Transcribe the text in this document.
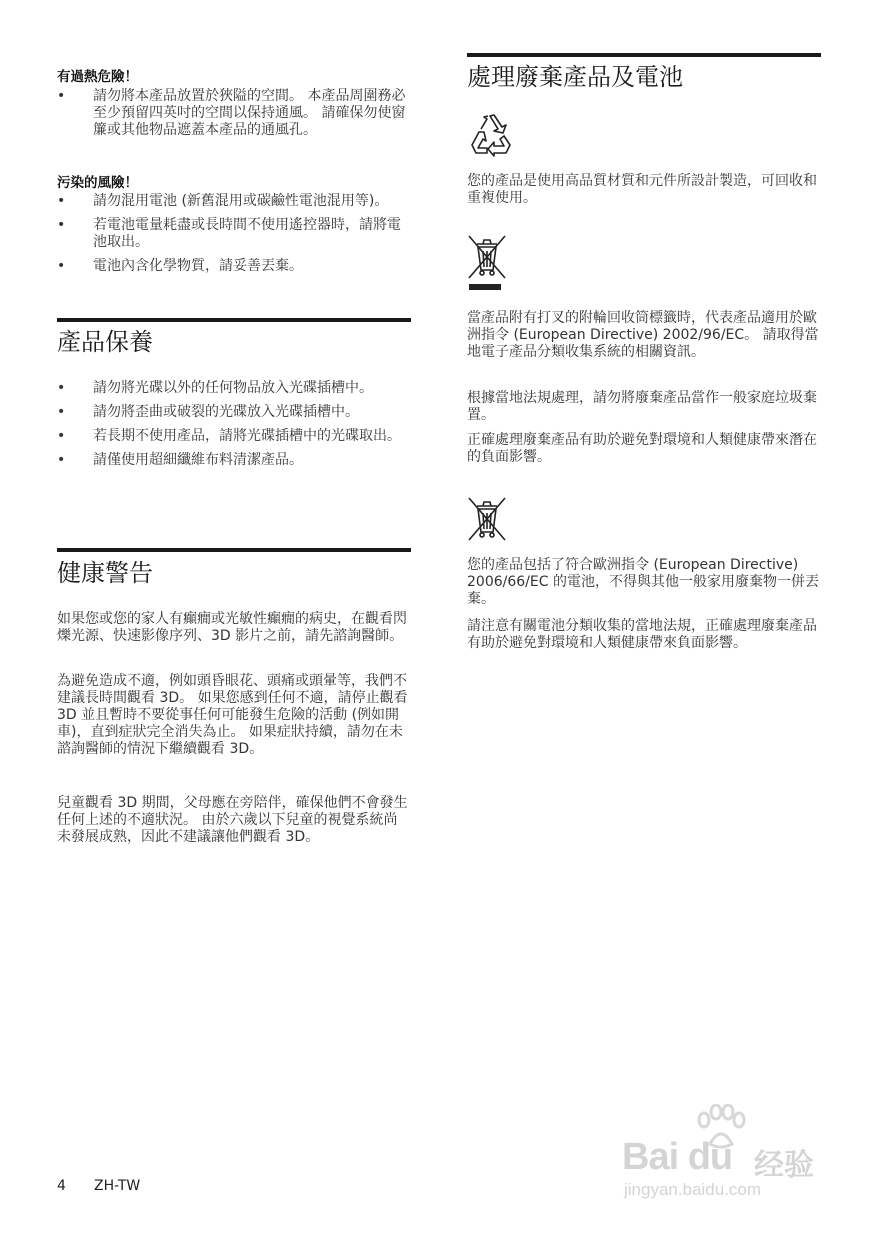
有過熱危險！
• 請勿將本產品放置於狹隘的空間。 本產品周圍務必至少預留四英吋的空間以保持通風。 請確保勿使窗簾或其他物品遮蓋本產品的通風孔。
污染的風險！
• 請勿混用電池 (新舊混用或碳鹼性電池混用等)。
• 若電池電量耗盡或長時間不使用遙控器時，請將電池取出。
• 電池內含化學物質，請妥善丟棄。
產品保養
• 請勿將光碟以外的任何物品放入光碟插槽中。
• 請勿將歪曲或破裂的光碟放入光碟插槽中。
• 若長期不使用產品，請將光碟插槽中的光碟取出。
• 請僅使用超細纖維布料清潔產品。
健康警告

如果您或您的家人有癲癇或光敏性癲癇的病史，在觀看閃爍光源、快速影像序列、3D 影片之前，請先諮詢醫師。

為避免造成不適，例如頭昏眼花、頭痛或頭暈等，我們不建議長時間觀看 3D。 如果您感到任何不適，請停止觀看 3D 並且暫時不要從事任何可能發生危險的活動 (例如開車)，直到症狀完全消失為止。 如果症狀持續，請勿在未諮詢醫師的情況下繼續觀看 3D。

兒童觀看 3D 期間，父母應在旁陪伴，確保他們不會發生任何上述的不適狀況。 由於六歲以下兒童的視覺系統尚未發展成熟，因此不建議讓他們觀看 3D。

處理廢棄產品及電池

您的產品是使用高品質材質和元件所設計製造，可回收和重複使用。

當產品附有打叉的附輪回收筒標籤時，代表產品適用於歐洲指令 (European Directive) 2002/96/EC。 請取得當地電子產品分類收集系統的相關資訊。

根據當地法規處理，請勿將廢棄產品當作一般家庭垃圾棄置。

正確處理廢棄產品有助於避免對環境和人類健康帶來潛在的負面影響。

您的產品包括了符合歐洲指令 (European Directive) 2006/66/EC 的電池，不得與其他一般家用廢棄物一併丟棄。

請注意有關電池分類收集的當地法規，正確處理廢棄產品有助於避免對環境和人類健康帶來負面影響。

4 ZH-TW
Bai du 经验
jingyan.baidu.com
